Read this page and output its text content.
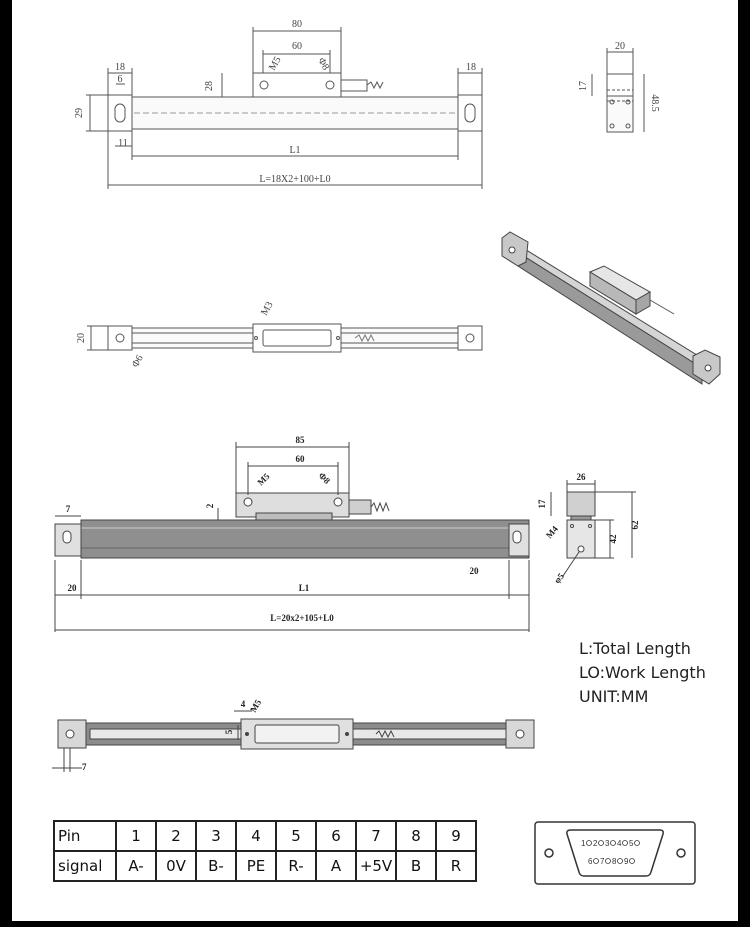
80
60
M5	Φ8
18
6
28
29
11
18
L1
L=18X2+100+L0
20
17
48.5
20
M3
Φ6
85
60
M5	Φ8
2
7
20
20
L1
L=20x2+105+L0
26
17
M4	42
62
φ5
4
5
M5
7
1 2 3 4 5
6 7 8 9
L:Total Length
LO:Work Length
UNIT:MM
Pin	1	2	3	4	5	6	7	8	9
signal	A-	0V	B-	PE	R-	A	+5V	B	R
